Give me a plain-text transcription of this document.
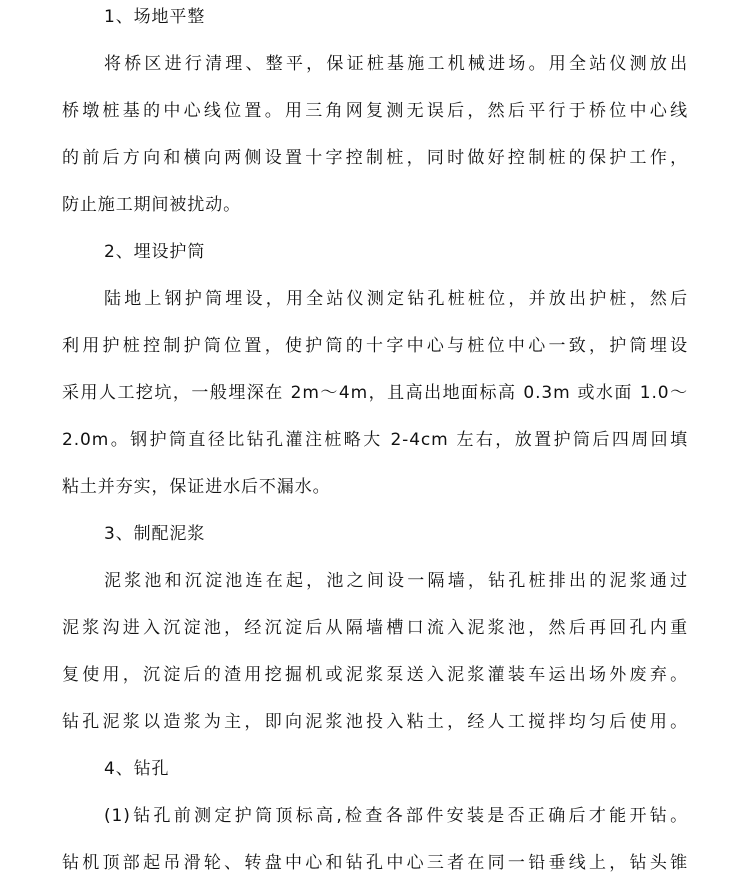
1、场地平整
将桥区进行清理、整平，保证桩基施工机械进场。用全站仪测放出
桥墩桩基的中心线位置。用三角网复测无误后，然后平行于桥位中心线
的前后方向和横向两侧设置十字控制桩，同时做好控制桩的保护工作，
防止施工期间被扰动。
2、埋设护筒
陆地上钢护筒埋设，用全站仪测定钻孔桩桩位，并放出护桩，然后
利用护桩控制护筒位置，使护筒的十字中心与桩位中心一致，护筒埋设
采用人工挖坑，一般埋深在 2m～4m，且高出地面标高 0.3m 或水面 1.0～
2.0m。钢护筒直径比钻孔灌注桩略大 2-4cm 左右，放置护筒后四周回填
粘土并夯实，保证进水后不漏水。
3、制配泥浆
泥浆池和沉淀池连在起，池之间设一隔墙，钻孔桩排出的泥浆通过
泥浆沟进入沉淀池，经沉淀后从隔墙槽口流入泥浆池，然后再回孔内重
复使用，沉淀后的渣用挖掘机或泥浆泵送入泥浆灌装车运出场外废弃。
钻孔泥浆以造浆为主，即向泥浆池投入粘土，经人工搅拌均匀后使用。
4、钻孔
(1)钻孔前测定护筒顶标高,检查各部件安装是否正确后才能开钻。
钻机顶部起吊滑轮、转盘中心和钻孔中心三者在同一铅垂线上，钻头锥
